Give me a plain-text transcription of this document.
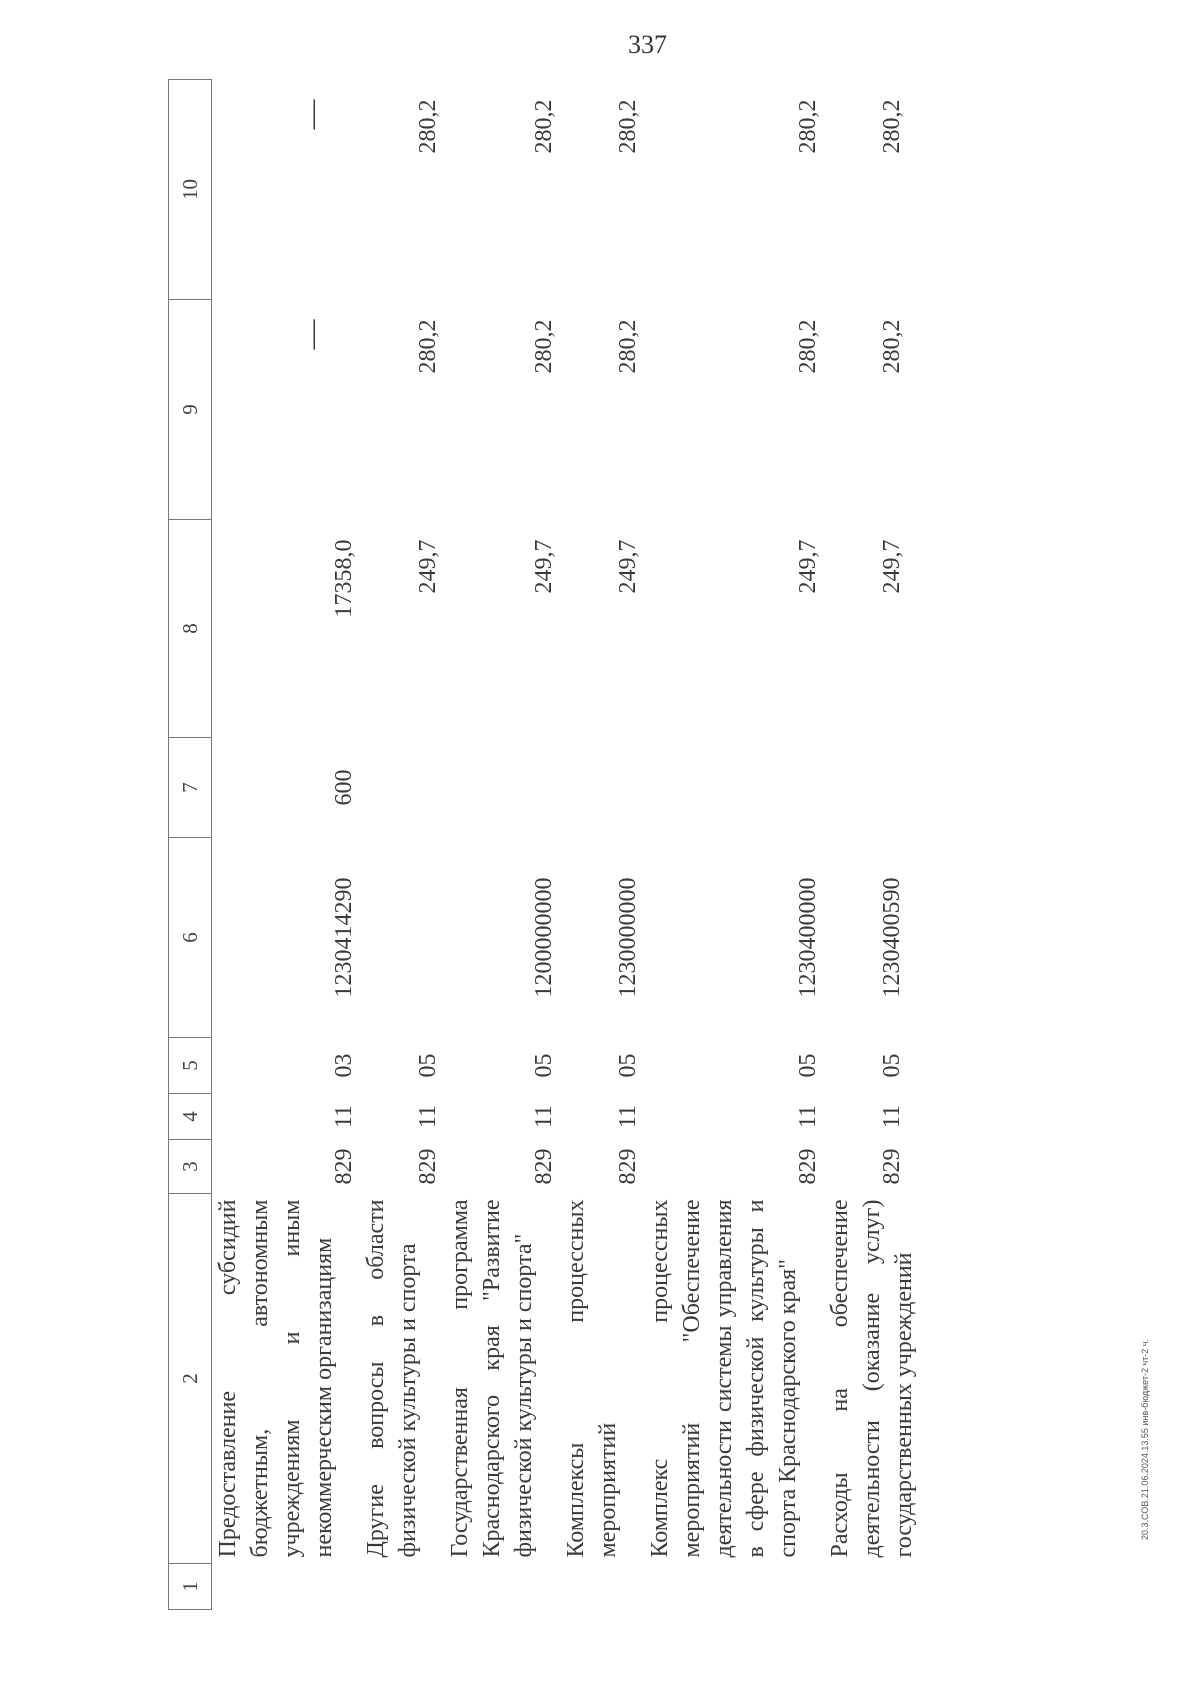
337
1	2	3	4	5	6	7	8	9	10
	Предоставление субсидий бюджетным, автономным учреждениям и иным некоммерческим организациям	829	11	03	1230414290	600	17358,0	—	—
	Другие вопросы в области физической культуры и спорта	829	11	05			249,7	280,2	280,2
	Государственная программа Краснодарского края "Развитие физической культуры и спорта"	829	11	05	1200000000		249,7	280,2	280,2
	Комплексы процессных мероприятий	829	11	05	1230000000		249,7	280,2	280,2
	Комплекс процессных мероприятий "Обеспечение деятельности системы управления в сфере физической культуры и спорта Краснодарского края"	829	11	05	1230400000		249,7	280,2	280,2
	Расходы на обеспечение деятельности (оказание услуг) государственных учреждений	829	11	05	1230400590		249,7	280,2	280,2
20.3.СОВ.21.06.2024.13.55 инв-бюджет-2 чт-2 ч.
